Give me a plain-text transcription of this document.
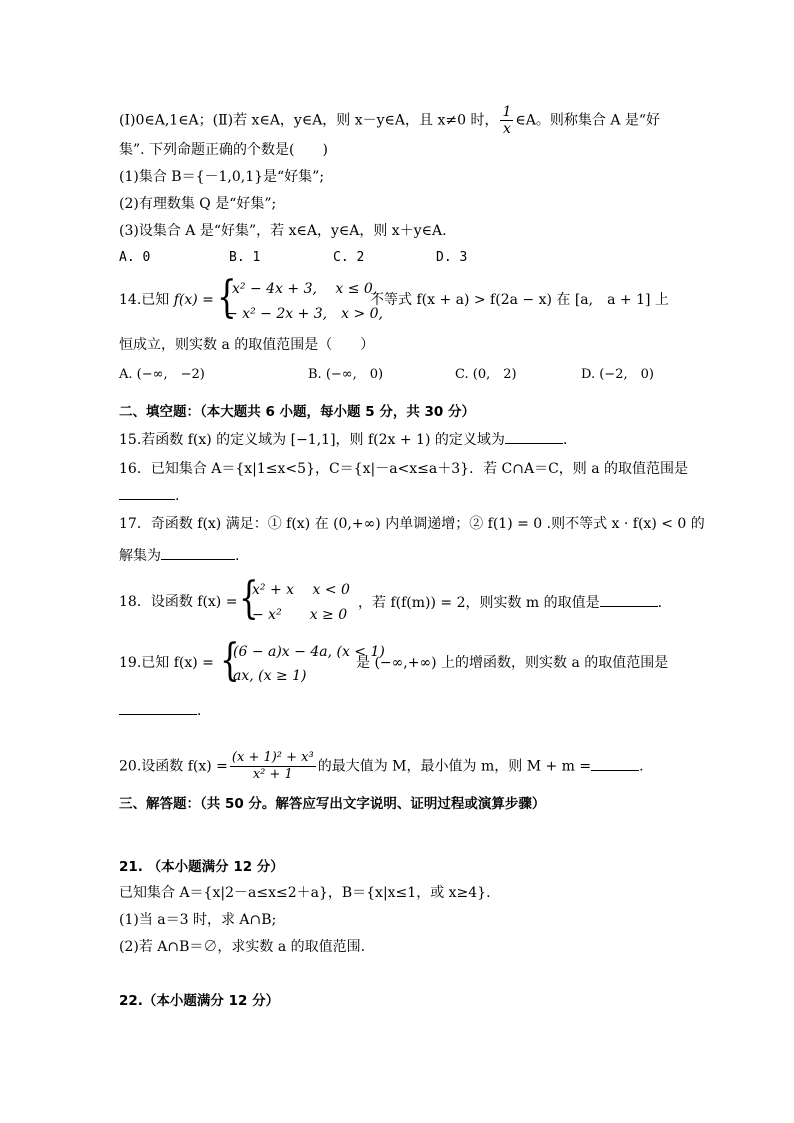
(Ⅰ)0∈A,1∈A；(Ⅱ)若 x∈A，y∈A，则 x－y∈A，且 x≠0 时， $\frac{1}{x}$ ∈A。则称集合 A 是“好
集”. 下列命题正确的个数是(　　)
(1)集合 B＝{－1,0,1}是“好集”;
(2)有理数集 Q 是“好集”;
(3)设集合 A 是“好集”，若 x∈A，y∈A，则 x＋y∈A.
A. 0	B. 1	C. 2	D. 3
14.已知 f(x) = {
x² − 4x + 3,　 x ≤ 0,
− x² − 2x + 3,　x > 0,
不等式 f(x + a) > f(2a − x) 在 [a,　a + 1] 上
恒成立，则实数 a 的取值范围是（　　）
A. (−∞,　−2)	B. (−∞,　0)	C. (0,　2)	D. (−2,　0)
二、填空题：（本大题共 6 小题，每小题 5 分，共 30 分）
15.若函数 f(x) 的定义域为 [−1,1]，则 f(2x + 1) 的定义域为	.
16．已知集合 A＝{x|1≤x<5}，C＝{x|－a<x≤a＋3}．若 C∩A＝C，则 a 的取值范围是
.
17．奇函数 f(x) 满足：① f(x) 在 (0,+∞) 内单调递增；② f(1) = 0 .则不等式 x · f(x) < 0 的
解集为	.
18．设函数 f(x) = {
x² + x　 x < 0
− x²　　x ≥ 0
，若 f(f(m)) = 2，则实数 m 的取值是	.
19.已知 f(x) = {
(6 − a)x − 4a, (x < 1)
ax, (x ≥ 1)
是 (−∞,+∞) 上的增函数，则实数 a 的取值范围是
.
20.设函数 $f(x) = \frac{\text{(x + 1)² + x³}}{\text{x² + 1}}$ 的最大值为 M，最小值为 m，则 M + m =	.
三、解答题：（共 50 分。解答应写出文字说明、证明过程或演算步骤）
21. （本小题满分 12 分）
已知集合 A＝{x|2－a≤x≤2＋a}，B＝{x|x≤1，或 x≥4}.
(1)当 a＝3 时，求 A∩B;
(2)若 A∩B＝∅，求实数 a 的取值范围.
22.（本小题满分 12 分）
